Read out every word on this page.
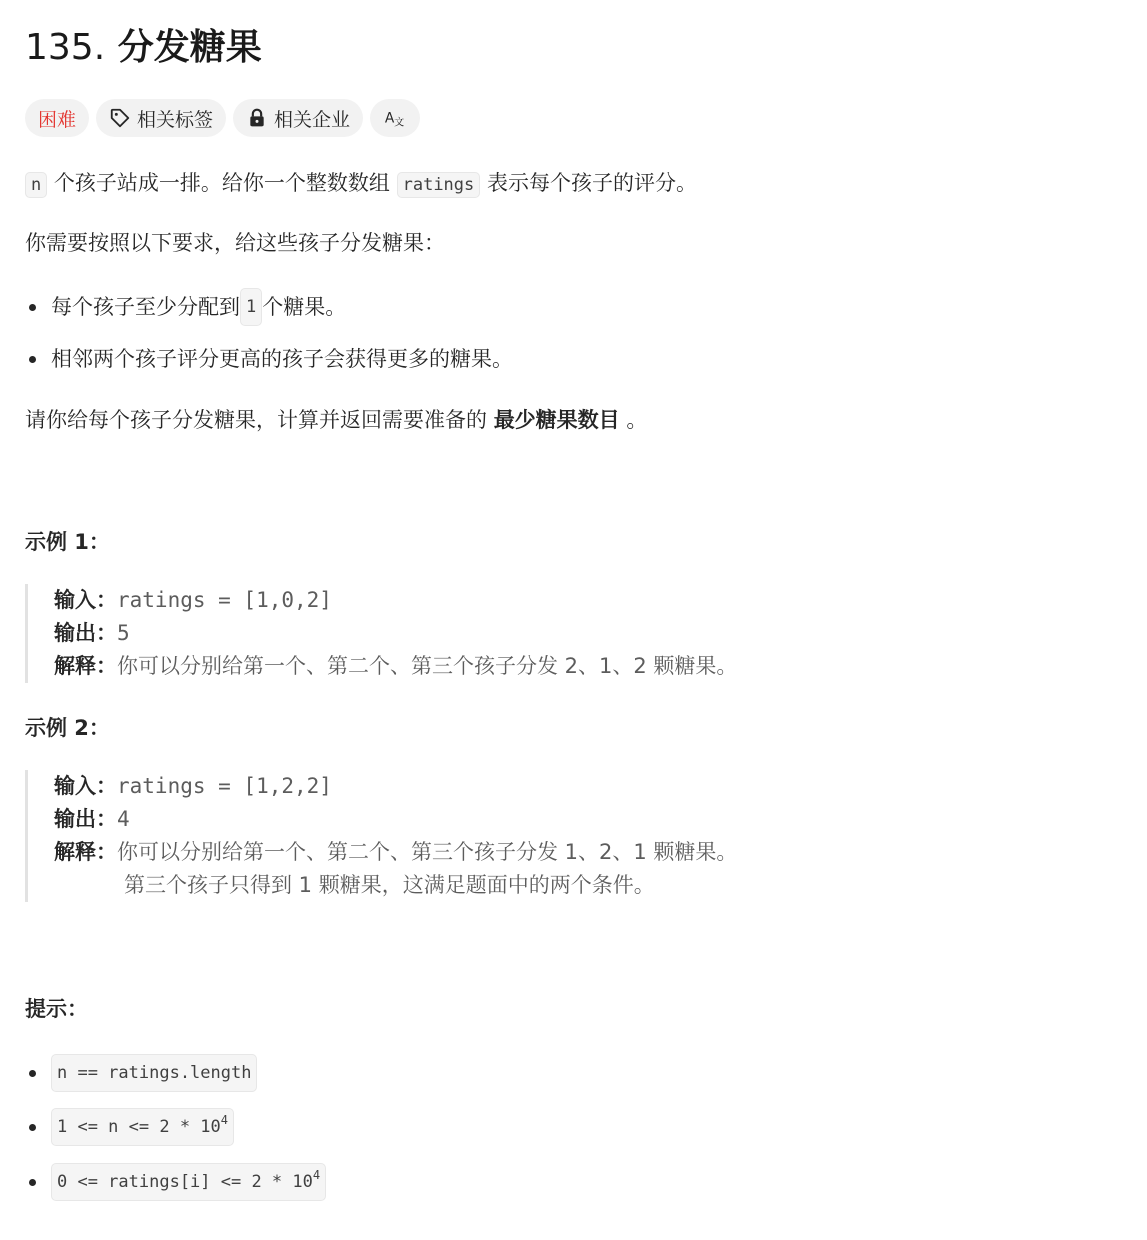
135. 分发糖果
困难	相关标签	相关企业 A 文
n 个孩子站成一排。给你一个整数数组 ratings 表示每个孩子的评分。
你需要按照以下要求，给这些孩子分发糖果：
每个孩子至少分配到 1 个糖果。
相邻两个孩子评分更高的孩子会获得更多的糖果。
请你给每个孩子分发糖果，计算并返回需要准备的 最少糖果数目 。
示例 1：
输入：ratings = [1,0,2]
输出：5
解释：你可以分别给第一个、第二个、第三个孩子分发 2、1、2 颗糖果。
示例 2：
输入：ratings = [1,2,2]
输出：4
解释：你可以分别给第一个、第二个、第三个孩子分发 1、2、1 颗糖果。
第三个孩子只得到 1 颗糖果，这满足题面中的两个条件。
提示：
n == ratings.length
$1 <= n <= 2 * 10^4$
0 <= ratings[i] <= $2 * 10^4$
